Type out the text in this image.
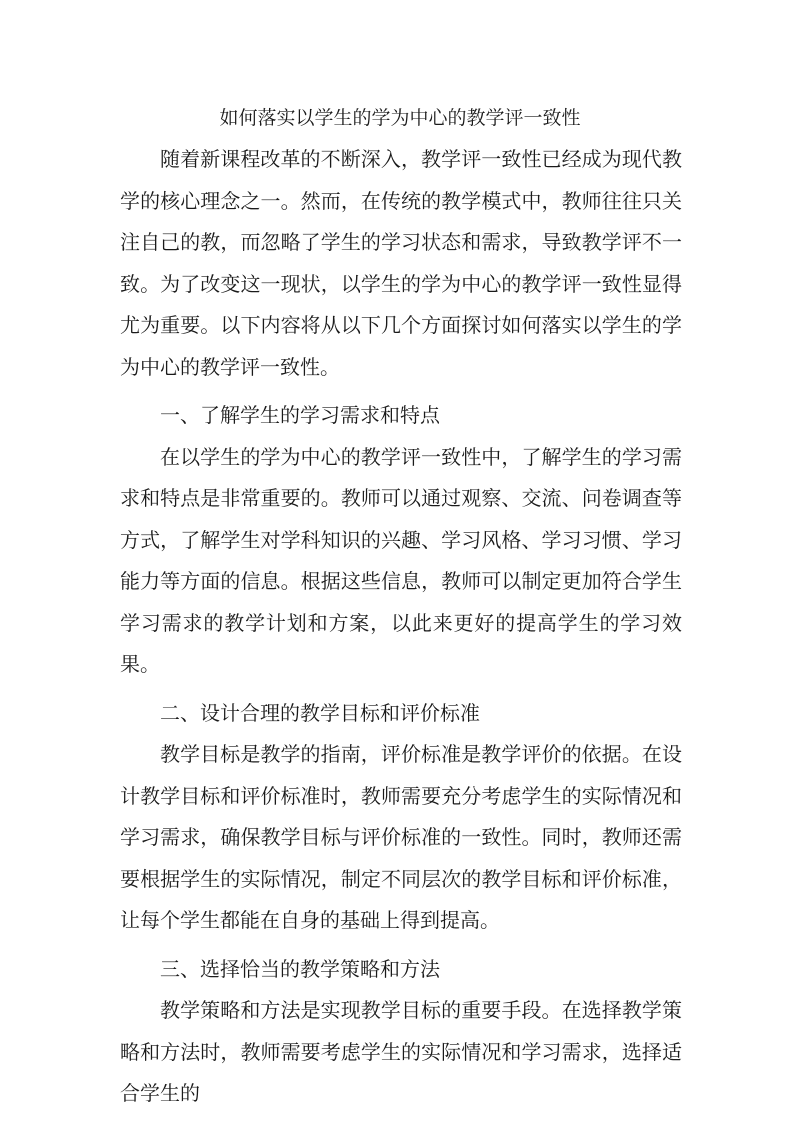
如何落实以学生的学为中心的教学评一致性

随着新课程改革的不断深入，教学评一致性已经成为现代教学的核心理念之一。然而，在传统的教学模式中，教师往往只关注自己的教，而忽略了学生的学习状态和需求，导致教学评不一致。为了改变这一现状，以学生的学为中心的教学评一致性显得尤为重要。以下内容将从以下几个方面探讨如何落实以学生的学为中心的教学评一致性。

一、了解学生的学习需求和特点

在以学生的学为中心的教学评一致性中，了解学生的学习需求和特点是非常重要的。教师可以通过观察、交流、问卷调查等方式，了解学生对学科知识的兴趣、学习风格、学习习惯、学习能力等方面的信息。根据这些信息，教师可以制定更加符合学生学习需求的教学计划和方案，以此来更好的提高学生的学习效果。

二、设计合理的教学目标和评价标准

教学目标是教学的指南，评价标准是教学评价的依据。在设计教学目标和评价标准时，教师需要充分考虑学生的实际情况和学习需求，确保教学目标与评价标准的一致性。同时，教师还需要根据学生的实际情况，制定不同层次的教学目标和评价标准，让每个学生都能在自身的基础上得到提高。

三、选择恰当的教学策略和方法

教学策略和方法是实现教学目标的重要手段。在选择教学策略和方法时，教师需要考虑学生的实际情况和学习需求，选择适合学生的
